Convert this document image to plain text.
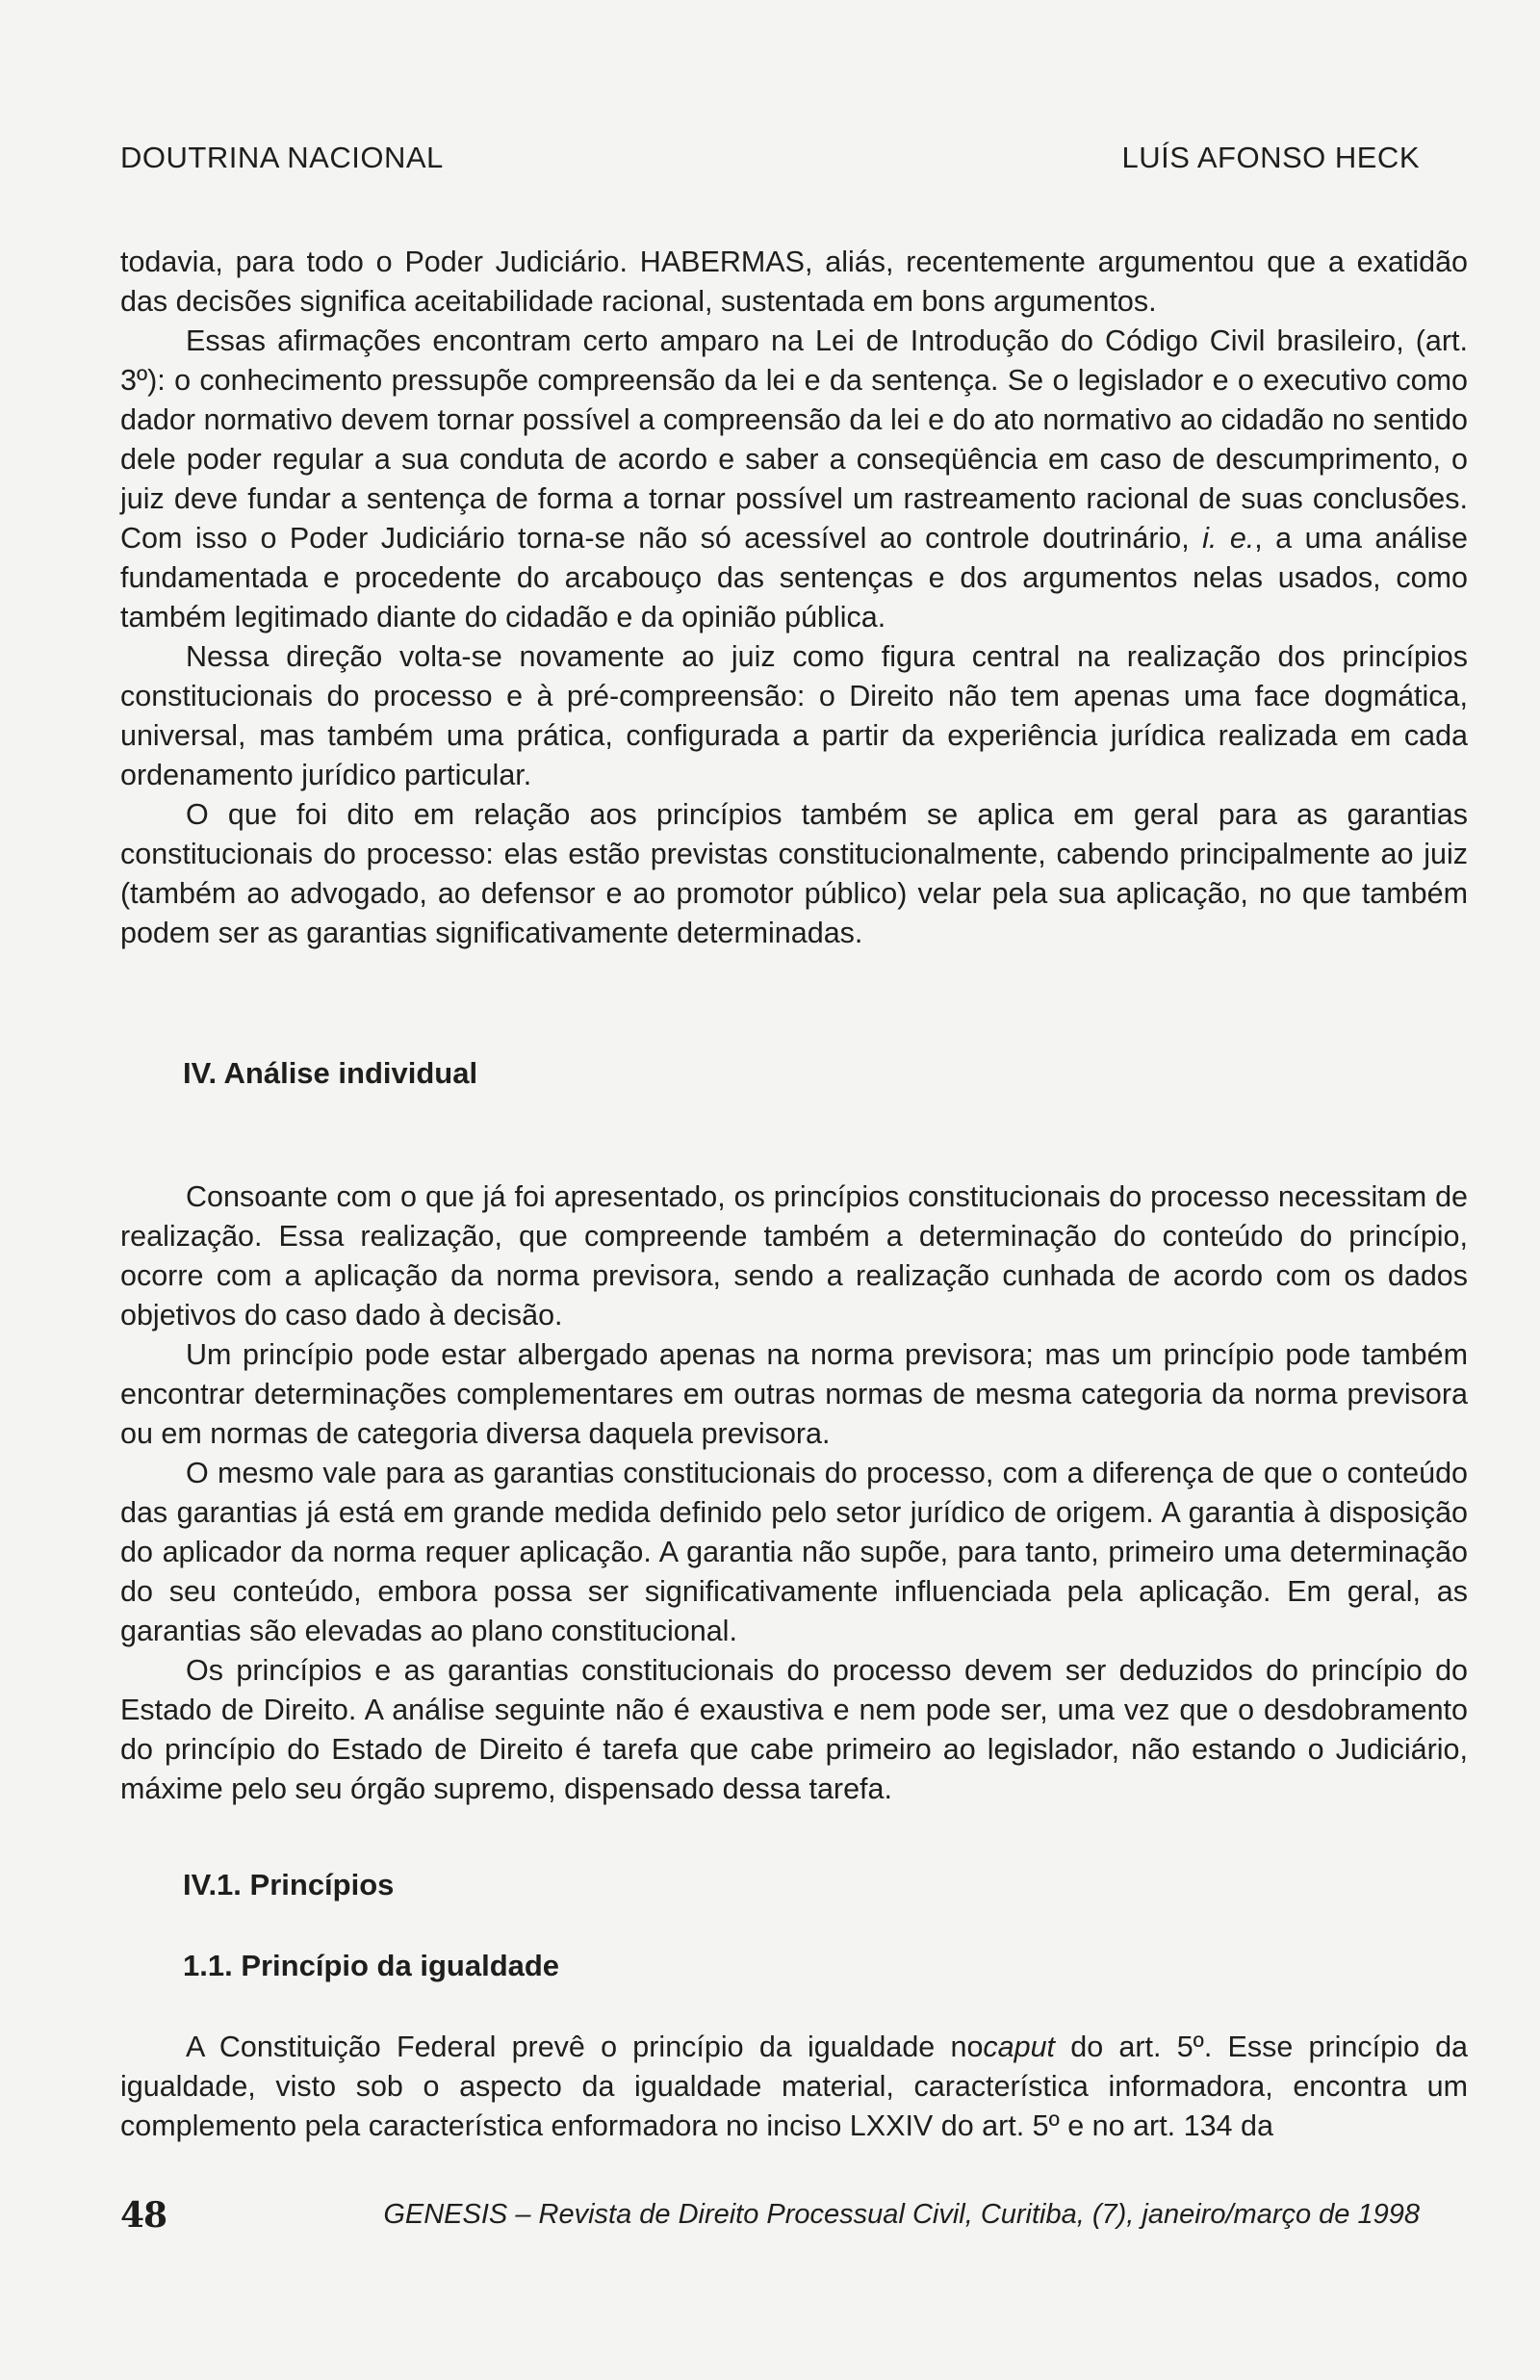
DOUTRINA NACIONAL	LUÍS AFONSO HECK

todavia, para todo o Poder Judiciário. HABERMAS, aliás, recentemente argumentou que a exatidão das decisões significa aceitabilidade racional, sustentada em bons argumentos.

Essas afirmações encontram certo amparo na Lei de Introdução do Código Civil brasileiro, (art. 3º): o conhecimento pressupõe compreensão da lei e da sentença. Se o legislador e o executivo como dador normativo devem tornar possível a compreensão da lei e do ato normativo ao cidadão no sentido dele poder regular a sua conduta de acordo e saber a conseqüência em caso de descumprimento, o juiz deve fundar a sentença de forma a tornar possível um rastreamento racional de suas conclusões. Com isso o Poder Judiciário torna-se não só acessível ao controle doutrinário, i. e., a uma análise fundamentada e procedente do arcabouço das sentenças e dos argumentos nelas usados, como também legitimado diante do cidadão e da opinião pública.

Nessa direção volta-se novamente ao juiz como figura central na realização dos princípios constitucionais do processo e à pré-compreensão: o Direito não tem apenas uma face dogmática, universal, mas também uma prática, configurada a partir da experiência jurídica realizada em cada ordenamento jurídico particular.

O que foi dito em relação aos princípios também se aplica em geral para as garantias constitucionais do processo: elas estão previstas constitucionalmente, cabendo principalmente ao juiz (também ao advogado, ao defensor e ao promotor público) velar pela sua aplicação, no que também podem ser as garantias significativamente determinadas.

IV. Análise individual

Consoante com o que já foi apresentado, os princípios constitucionais do processo necessitam de realização. Essa realização, que compreende também a determinação do conteúdo do princípio, ocorre com a aplicação da norma previsora, sendo a realização cunhada de acordo com os dados objetivos do caso dado à decisão.

Um princípio pode estar albergado apenas na norma previsora; mas um princípio pode também encontrar determinações complementares em outras normas de mesma categoria da norma previsora ou em normas de categoria diversa daquela previsora.

O mesmo vale para as garantias constitucionais do processo, com a diferença de que o conteúdo das garantias já está em grande medida definido pelo setor jurídico de origem. A garantia à disposição do aplicador da norma requer aplicação. A garantia não supõe, para tanto, primeiro uma determinação do seu conteúdo, embora possa ser significativamente influenciada pela aplicação. Em geral, as garantias são elevadas ao plano constitucional.

Os princípios e as garantias constitucionais do processo devem ser deduzidos do princípio do Estado de Direito. A análise seguinte não é exaustiva e nem pode ser, uma vez que o desdobramento do princípio do Estado de Direito é tarefa que cabe primeiro ao legislador, não estando o Judiciário, máxime pelo seu órgão supremo, dispensado dessa tarefa.

IV.1. Princípios
1.1. Princípio da igualdade

A Constituição Federal prevê o princípio da igualdade nocaput do art. 5º. Esse princípio da igualdade, visto sob o aspecto da igualdade material, característica informadora, encontra um complemento pela característica enformadora no inciso LXXIV do art. 5º e no art. 134 da

48	GENESIS – Revista de Direito Processual Civil, Curitiba, (7), janeiro/março de 1998
